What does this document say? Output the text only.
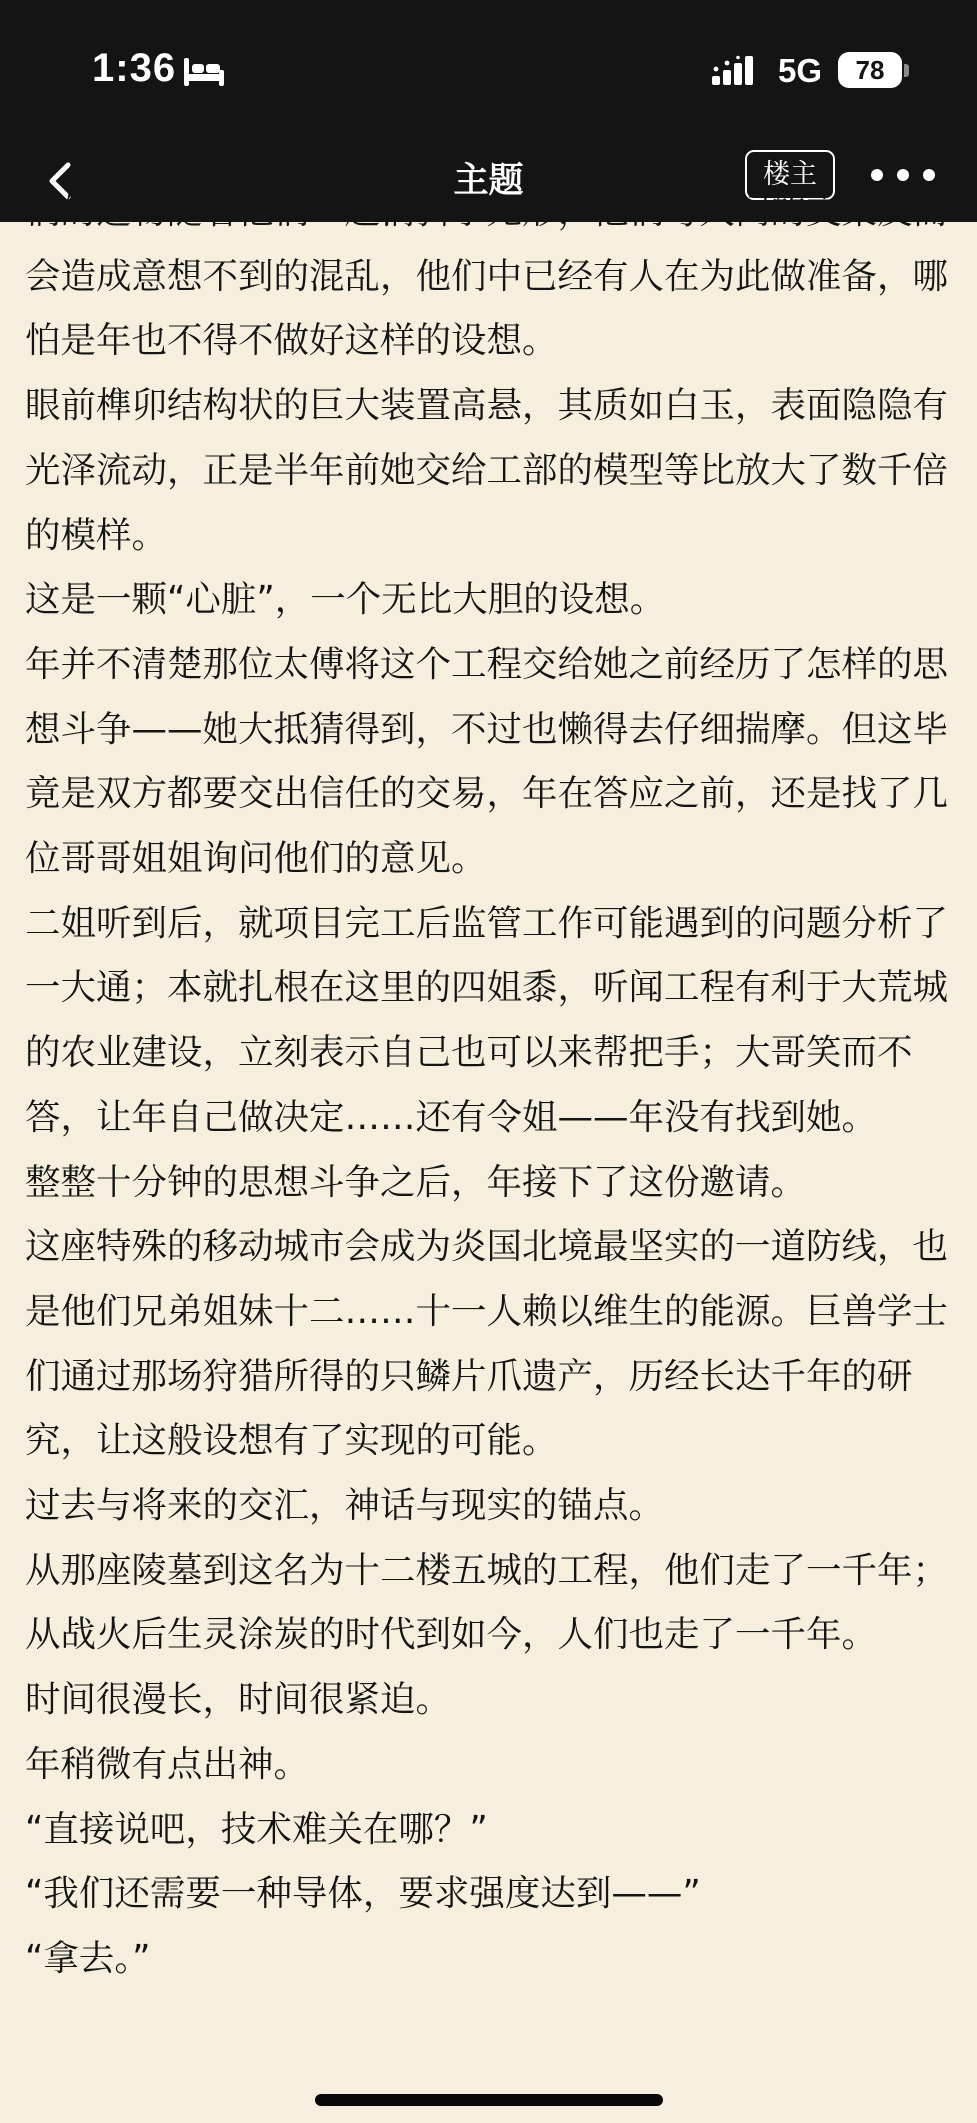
1:36	5G	78
主题	楼主

们的造物随着他们一起消弭于无形，他们与人间的交集反而会造成意想不到的混乱，他们中已经有人在为此做准备，哪怕是年也不得不做好这样的设想。

眼前榫卯结构状的巨大装置高悬，其质如白玉，表面隐隐有光泽流动，正是半年前她交给工部的模型等比放大了数千倍的模样。

这是一颗“心脏”，一个无比大胆的设想。

年并不清楚那位太傅将这个工程交给她之前经历了怎样的思想斗争——她大抵猜得到，不过也懒得去仔细揣摩。但这毕竟是双方都要交出信任的交易，年在答应之前，还是找了几位哥哥姐姐询问他们的意见。

二姐听到后，就项目完工后监管工作可能遇到的问题分析了一大通；本就扎根在这里的四姐黍，听闻工程有利于大荒城的农业建设，立刻表示自己也可以来帮把手；大哥笑而不答，让年自己做决定……还有令姐——年没有找到她。

整整十分钟的思想斗争之后，年接下了这份邀请。

这座特殊的移动城市会成为炎国北境最坚实的一道防线，也是他们兄弟姐妹十二……十一人赖以维生的能源。巨兽学士们通过那场狩猎所得的只鳞片爪遗产，历经长达千年的研究，让这般设想有了实现的可能。

过去与将来的交汇，神话与现实的锚点。

从那座陵墓到这名为十二楼五城的工程，他们走了一千年；从战火后生灵涂炭的时代到如今，人们也走了一千年。

时间很漫长，时间很紧迫。

年稍微有点出神。

“直接说吧，技术难关在哪？”

“我们还需要一种导体，要求强度达到——”

“拿去。”
